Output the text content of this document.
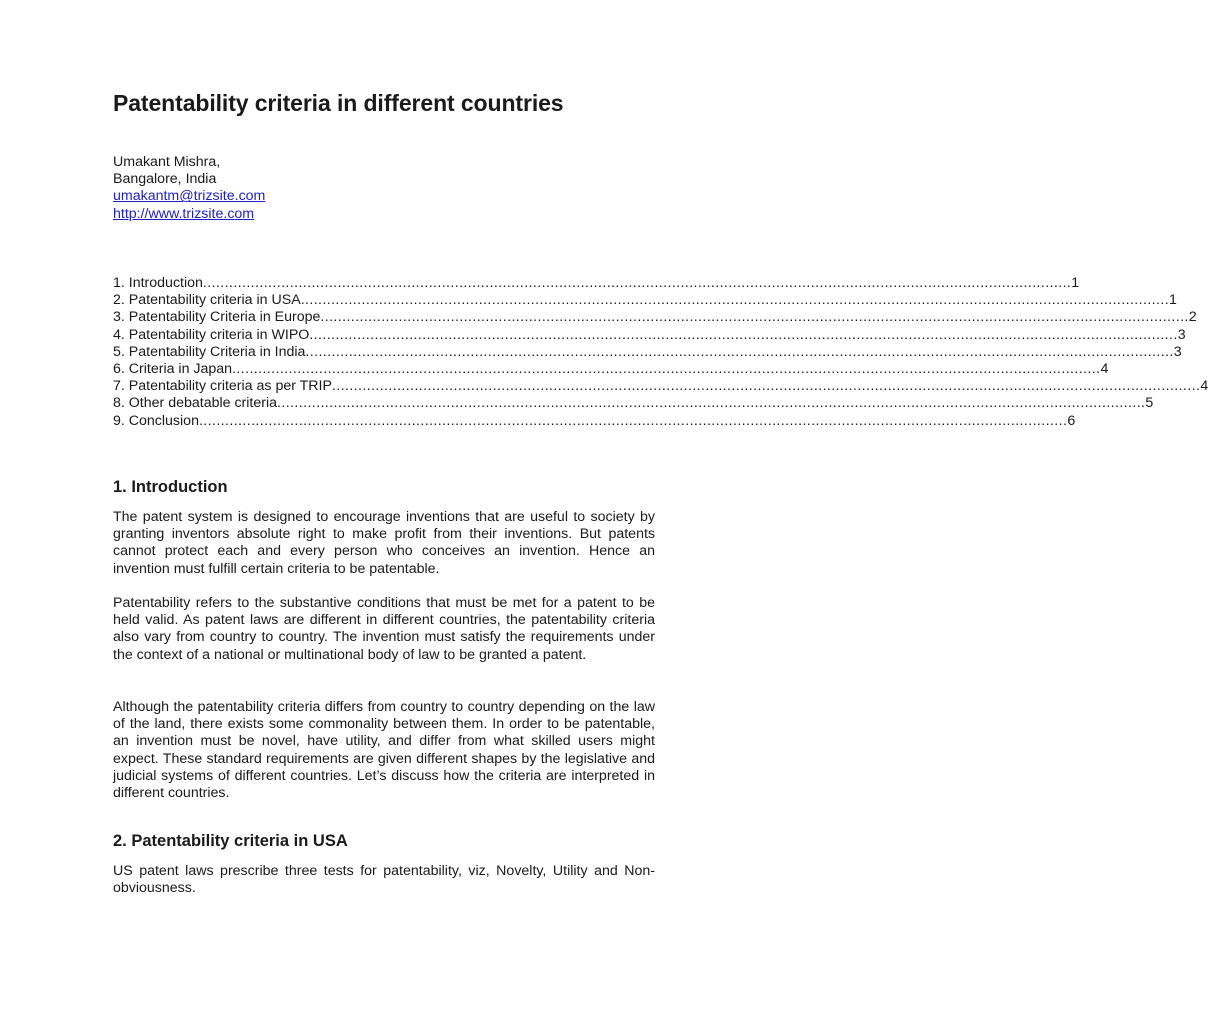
Patentability criteria in different countries
Umakant Mishra,
Bangalore, India
umakantm@trizsite.com
http://www.trizsite.com
1. Introduction ........................................................................................................................................................................................................ 1
2. Patentability criteria in USA ........................................................................................................................................................................................................ 1
3. Patentability Criteria in Europe ........................................................................................................................................................................................................ 2
4. Patentability criteria in WIPO ........................................................................................................................................................................................................ 3
5. Patentability Criteria in India ........................................................................................................................................................................................................ 3
6. Criteria in Japan ........................................................................................................................................................................................................ 4
7. Patentability criteria as per TRIP ........................................................................................................................................................................................................ 4
8. Other debatable criteria ........................................................................................................................................................................................................ 5
9. Conclusion ........................................................................................................................................................................................................ 6
1. Introduction

The patent system is designed to encourage inventions that are useful to society by granting inventors absolute right to make profit from their inventions. But patents cannot protect each and every person who conceives an invention. Hence an invention must fulfill certain criteria to be patentable.

Patentability refers to the substantive conditions that must be met for a patent to be held valid. As patent laws are different in different countries, the patentability criteria also vary from country to country. The invention must satisfy the requirements under the context of a national or multinational body of law to be granted a patent.

Although the patentability criteria differs from country to country depending on the law of the land, there exists some commonality between them. In order to be patentable, an invention must be novel, have utility, and differ from what skilled users might expect. These standard requirements are given different shapes by the legislative and judicial systems of different countries. Let’s discuss how the criteria are interpreted in different countries.

2. Patentability criteria in USA

US patent laws prescribe three tests for patentability, viz, Novelty, Utility and Non-obviousness.
